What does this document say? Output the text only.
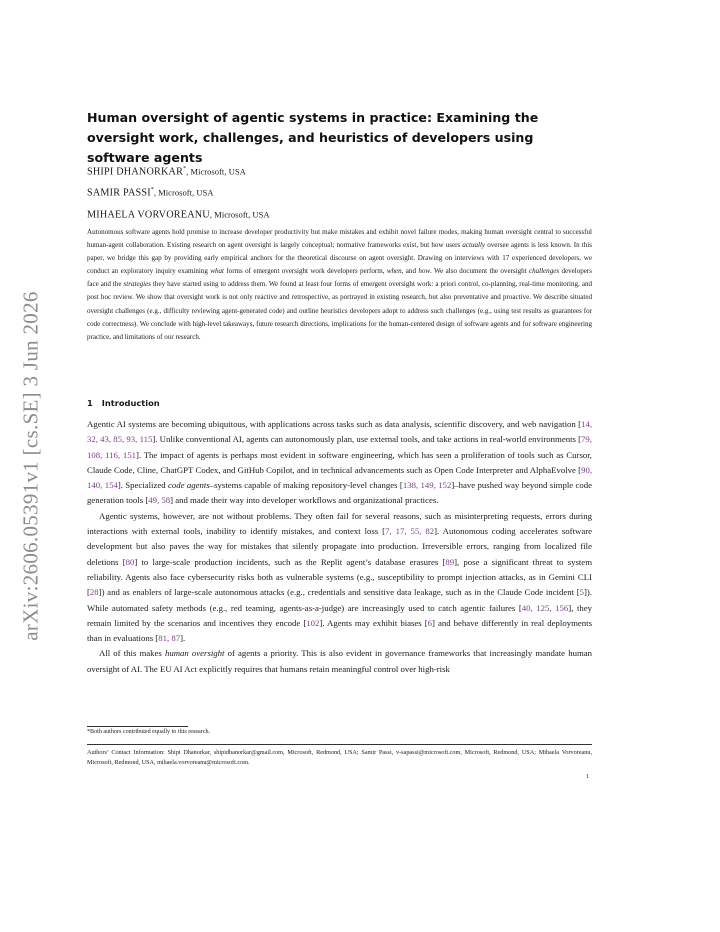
arXiv:2606.05391v1 [cs.SE] 3 Jun 2026
Human oversight of agentic systems in practice: Examining the oversight work, challenges, and heuristics of developers using software agents
SHIPI DHANORKAR*, Microsoft, USA
SAMIR PASSI*, Microsoft, USA
MIHAELA VORVOREANU, Microsoft, USA
Autonomous software agents hold promise to increase developer productivity but make mistakes and exhibit novel failure modes, making human oversight central to successful human-agent collaboration. Existing research on agent oversight is largely conceptual; normative frameworks exist, but how users actually oversee agents is less known. In this paper, we bridge this gap by providing early empirical anchors for the theoretical discourse on agent oversight. Drawing on interviews with 17 experienced developers, we conduct an exploratory inquiry examining what forms of emergent oversight work developers perform, when, and how. We also document the oversight challenges developers face and the strategies they have started using to address them. We found at least four forms of emergent oversight work: a priori control, co-planning, real-time monitoring, and post hoc review. We show that oversight work is not only reactive and retrospective, as portrayed in existing research, but also preventative and proactive. We describe situated oversight challenges (e.g., difficulty reviewing agent-generated code) and outline heuristics developers adopt to address such challenges (e.g., using test results as guarantees for code correctness). We conclude with high-level takeaways, future research directions, implications for the human-centered design of software agents and for software engineering practice, and limitations of our research.
1 Introduction

Agentic AI systems are becoming ubiquitous, with applications across tasks such as data analysis, scientific discovery, and web navigation [14, 32, 43, 85, 93, 115]. Unlike conventional AI, agents can autonomously plan, use external tools, and take actions in real-world environments [79, 108, 116, 151]. The impact of agents is perhaps most evident in software engineering, which has seen a proliferation of tools such as Cursor, Claude Code, Cline, ChatGPT Codex, and GitHub Copilot, and in technical advancements such as Open Code Interpreter and AlphaEvolve [90, 140, 154]. Specialized code agents–systems capable of making repository-level changes [138, 149, 152]–have pushed way beyond simple code generation tools [49, 58] and made their way into developer workflows and organizational practices.

Agentic systems, however, are not without problems. They often fail for several reasons, such as misinterpreting requests, errors during interactions with external tools, inability to identify mistakes, and context loss [7, 17, 55, 82]. Autonomous coding accelerates software development but also paves the way for mistakes that silently propagate into production. Irreversible errors, ranging from localized file deletions [80] to large-scale production incidents, such as the Replit agent’s database erasures [89], pose a significant threat to system reliability. Agents also face cybersecurity risks both as vulnerable systems (e.g., susceptibility to prompt injection attacks, as in Gemini CLI [28]) and as enablers of large-scale autonomous attacks (e.g., credentials and sensitive data leakage, such as in the Claude Code incident [5]). While automated safety methods (e.g., red teaming, agents-as-a-judge) are increasingly used to catch agentic failures [40, 125, 156], they remain limited by the scenarios and incentives they encode [102]. Agents may exhibit biases [6] and behave differently in real deployments than in evaluations [81, 87].

All of this makes human oversight of agents a priority. This is also evident in governance frameworks that increasingly mandate human oversight of AI. The EU AI Act explicitly requires that humans retain meaningful control over high-risk

*Both authors contributed equally to this research.
Authors’ Contact Information: Shipi Dhanorkar, shipidhanorkar@gmail.com, Microsoft, Redmond, USA; Samir Passi, v-sapassi@microsoft.com, Microsoft, Redmond, USA; Mihaela Vorvoreanu, Microsoft, Redmond, USA, mihaela.vorvoreanu@microsoft.com.
1
